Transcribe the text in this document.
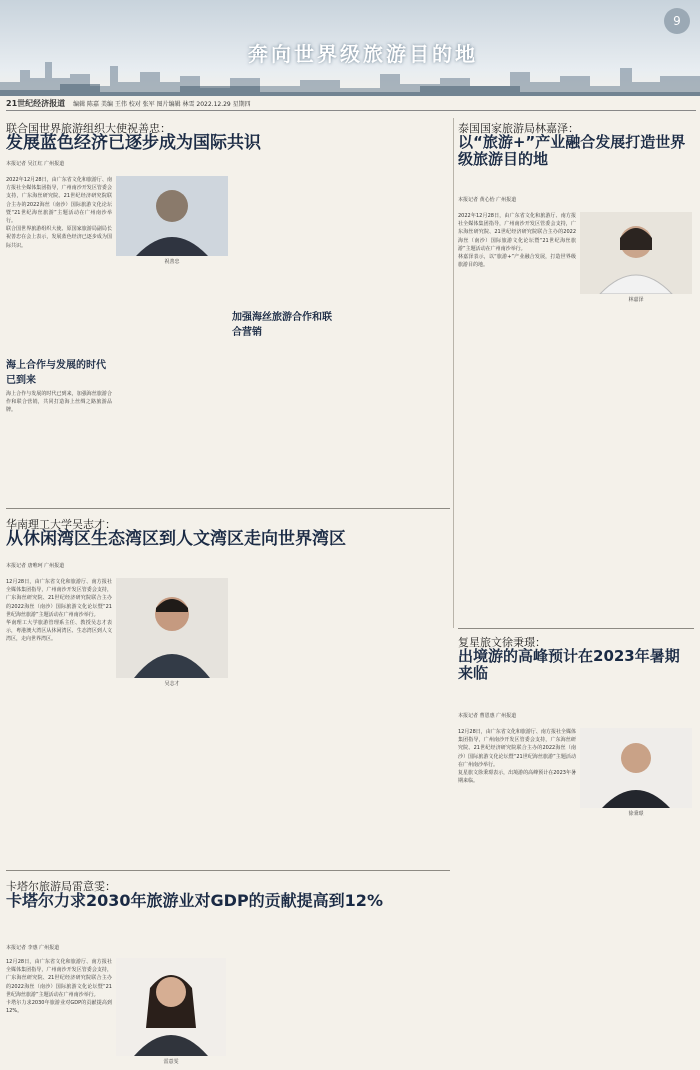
奔向世界级旅游目的地
9
21世纪经济报道 编辑 陈嘉 美编 王伟 校对 张军 图片编辑 林雪 2022.12.29 星期四
联合国世界旅游组织大使祝善忠：
发展蓝色经济已逐步成为国际共识
本报记者 吴江红 广州报道

2022年12月28日，由广东省文化和旅游厅、南方报社全媒体集团指导，广州南沙开发区管委会支持，广东海丝研究院、21世纪经济研究院联合主办的2022海丝（南沙）国际旅游文化论坛暨“21世纪海丝旅游”主题活动在广州南沙举行。

联合国世界旅游组织大使、原国家旅游局副局长祝善忠在会上表示，发展蓝色经济已逐步成为国际共识。

海上合作与发展的时代已到来

海上合作与发展的时代已到来，加强海丝旅游合作和联合营销，共同打造海上丝绸之路旅游品牌。

祝善忠
加强海丝旅游合作和联合营销
泰国国家旅游局林嘉泽：
以“旅游+”产业融合发展打造世界级旅游目的地
本报记者 黄心怡 广州报道

2022年12月28日，由广东省文化和旅游厅、南方报社全媒体集团指导，广州南沙开发区管委会支持，广东海丝研究院、21世纪经济研究院联合主办的2022海丝（南沙）国际旅游文化论坛暨“21世纪海丝旅游”主题活动在广州南沙举行。

林嘉泽表示，以“旅游+”产业融合发展，打造世界级旅游目的地。

林嘉泽
华南理工大学吴志才：
从休闲湾区生态湾区到人文湾区走向世界湾区
本报记者 唐唯珂 广州报道

12月28日，由广东省文化和旅游厅、南方报社全媒体集团指导，广州南沙开发区管委会支持，广东海丝研究院、21世纪经济研究院联合主办的2022海丝（南沙）国际旅游文化论坛暨“21世纪海丝旅游”主题活动在广州南沙举行。

华南理工大学旅游管理系主任、教授吴志才表示，粤港澳大湾区从休闲湾区、生态湾区到人文湾区，走向世界湾区。

吴志才
复星旅文徐秉璟：
出境游的高峰预计在2023年暑期来临
本报记者 曹恩惠 广州报道

12月28日，由广东省文化和旅游厅、南方报社全媒体集团指导，广州南沙开发区管委会支持，广东海丝研究院、21世纪经济研究院联合主办的2022海丝（南沙）国际旅游文化论坛暨“21世纪海丝旅游”主题活动在广州南沙举行。

复星旅文徐秉璟表示，出境游的高峰预计在2023年暑期来临。

徐秉璟
卡塔尔旅游局雷意雯：
卡塔尔力求2030年旅游业对GDP的贡献提高到12%
本报记者 李惠 广州报道

12月28日，由广东省文化和旅游厅、南方报社全媒体集团指导，广州南沙开发区管委会支持，广东海丝研究院、21世纪经济研究院联合主办的2022海丝（南沙）国际旅游文化论坛暨“21世纪海丝旅游”主题活动在广州南沙举行。

卡塔尔力求2030年旅游业对GDP的贡献提高到12%。

雷意雯
